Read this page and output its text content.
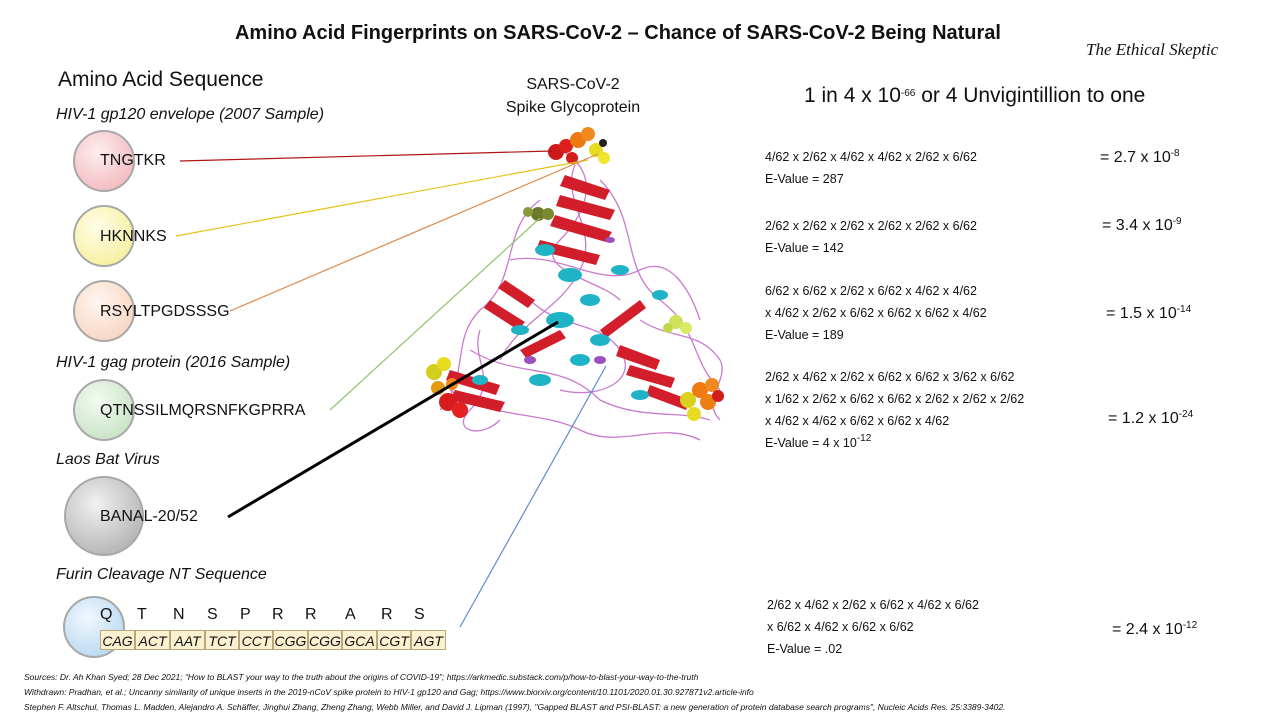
Amino Acid Fingerprints on SARS-CoV-2 – Chance of SARS-CoV-2 Being Natural
The Ethical Skeptic
Amino Acid Sequence	SARS-CoV-2
Spike Glycoprotein
1 in 4 x $10^{-66}$ or 4 Unvigintillion to one
HIV-1 gp120 envelope (2007 Sample)
HIV-1 gag protein (2016 Sample)
Laos Bat Virus
Furin Cleavage NT Sequence
TNGTKR
HKNNKS
RSYLTPGDSSSG
QTNSSILMQRSNFKGPRRA
BANAL-20/52
Q T N S P R R A R S
CAG ACT AAT TCT CCT CGG CGG GCA CGT AGT
4/62 x 2/62 x 4/62 x 4/62 x 2/62 x 6/62
E-Value = 287
= 2.7 x $10^{-8}$
2/62 x 2/62 x 2/62 x 2/62 x 2/62 x 6/62
E-Value = 142
= 3.4 x $10^{-9}$
6/62 x 6/62 x 2/62 x 6/62 x 4/62 x 4/62
x 4/62 x 2/62 x 6/62 x 6/62 x 6/62 x 4/62
E-Value = 189
= 1.5 x $10^{-14}$
2/62 x 4/62 x 2/62 x 6/62 x 6/62 x 3/62 x 6/62
x 1/62 x 2/62 x 6/62 x 6/62 x 2/62 x 2/62 x 2/62
x 4/62 x 4/62 x 6/62 x 6/62 x 4/62
E-Value = 4 x $10^{-12}$
= 1.2 x $10^{-24}$
2/62 x 4/62 x 2/62 x 6/62 x 4/62 x 6/62
x 6/62 x 4/62 x 6/62 x 6/62
E-Value = .02
= 2.4 x $10^{-12}$
Sources: Dr. Ah Khan Syed; 28 Dec 2021; “How to BLAST your way to the truth about the origins of COVID-19”; https://arkmedic.substack.com/p/how-to-blast-your-way-to-the-truth
Withdrawn: Pradhan, et al.; Uncanny similarity of unique inserts in the 2019-nCoV spike protein to HIV-1 gp120 and Gag; https://www.biorxiv.org/content/10.1101/2020.01.30.927871v2.article-info
Stephen F. Altschul, Thomas L. Madden, Alejandro A. Schäffer, Jinghui Zhang, Zheng Zhang, Webb Miller, and David J. Lipman (1997), "Gapped BLAST and PSI-BLAST: a new generation of protein database search programs", Nucleic Acids Res. 25:3389-3402.
